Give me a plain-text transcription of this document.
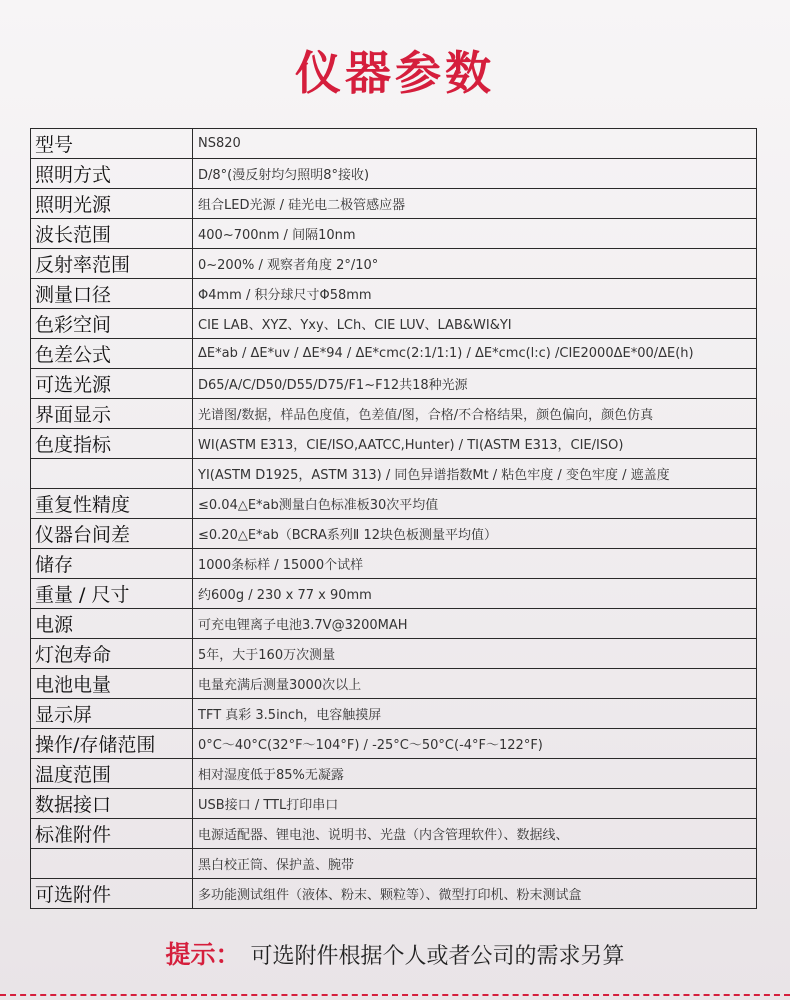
仪器参数
型号	NS820
照明方式	D/8°(漫反射均匀照明8°接收)
照明光源	组合LED光源 / 硅光电二极管感应器
波长范围	400~700nm / 间隔10nm
反射率范围	0~200% / 观察者角度 2°/10°
测量口径	Φ4mm / 积分球尺寸Φ58mm
色彩空间	CIE LAB、XYZ、Yxy、LCh、CIE LUV、LAB&WI&YI
色差公式	ΔE*ab / ΔE*uv / ΔE*94 / ΔE*cmc(2:1/1:1) / ΔE*cmc(l:c) /CIE2000ΔE*00/ΔE(h)
可选光源	D65/A/C/D50/D55/D75/F1~F12共18种光源
界面显示	光谱图/数据，样品色度值，色差值/图，合格/不合格结果，颜色偏向，颜色仿真
色度指标	WI(ASTM E313，CIE/ISO,AATCC,Hunter) / TI(ASTM E313，CIE/ISO)
	YI(ASTM D1925，ASTM 313) / 同色异谱指数Mt / 粘色牢度 / 变色牢度 / 遮盖度
重复性精度	≤0.04△E*ab测量白色标准板30次平均值
仪器台间差	≤0.20△E*ab（BCRA系列Ⅱ 12块色板测量平均值）
储存	1000条标样 / 15000个试样
重量 / 尺寸	约600g / 230 x 77 x 90mm
电源	可充电锂离子电池3.7V@3200MAH
灯泡寿命	5年，大于160万次测量
电池电量	电量充满后测量3000次以上
显示屏	TFT 真彩 3.5inch，电容触摸屏
操作/存储范围	0°C～40°C(32°F～104°F) / -25°C～50°C(-4°F～122°F)
温度范围	相对湿度低于85%无凝露
数据接口	USB接口 / TTL打印串口
标准附件	电源适配器、锂电池、说明书、光盘（内含管理软件）、数据线、
	黑白校正筒、保护盖、腕带
可选附件	多功能测试组件（液体、粉末、颗粒等）、微型打印机、粉末测试盒
提示： 可选附件根据个人或者公司的需求另算
